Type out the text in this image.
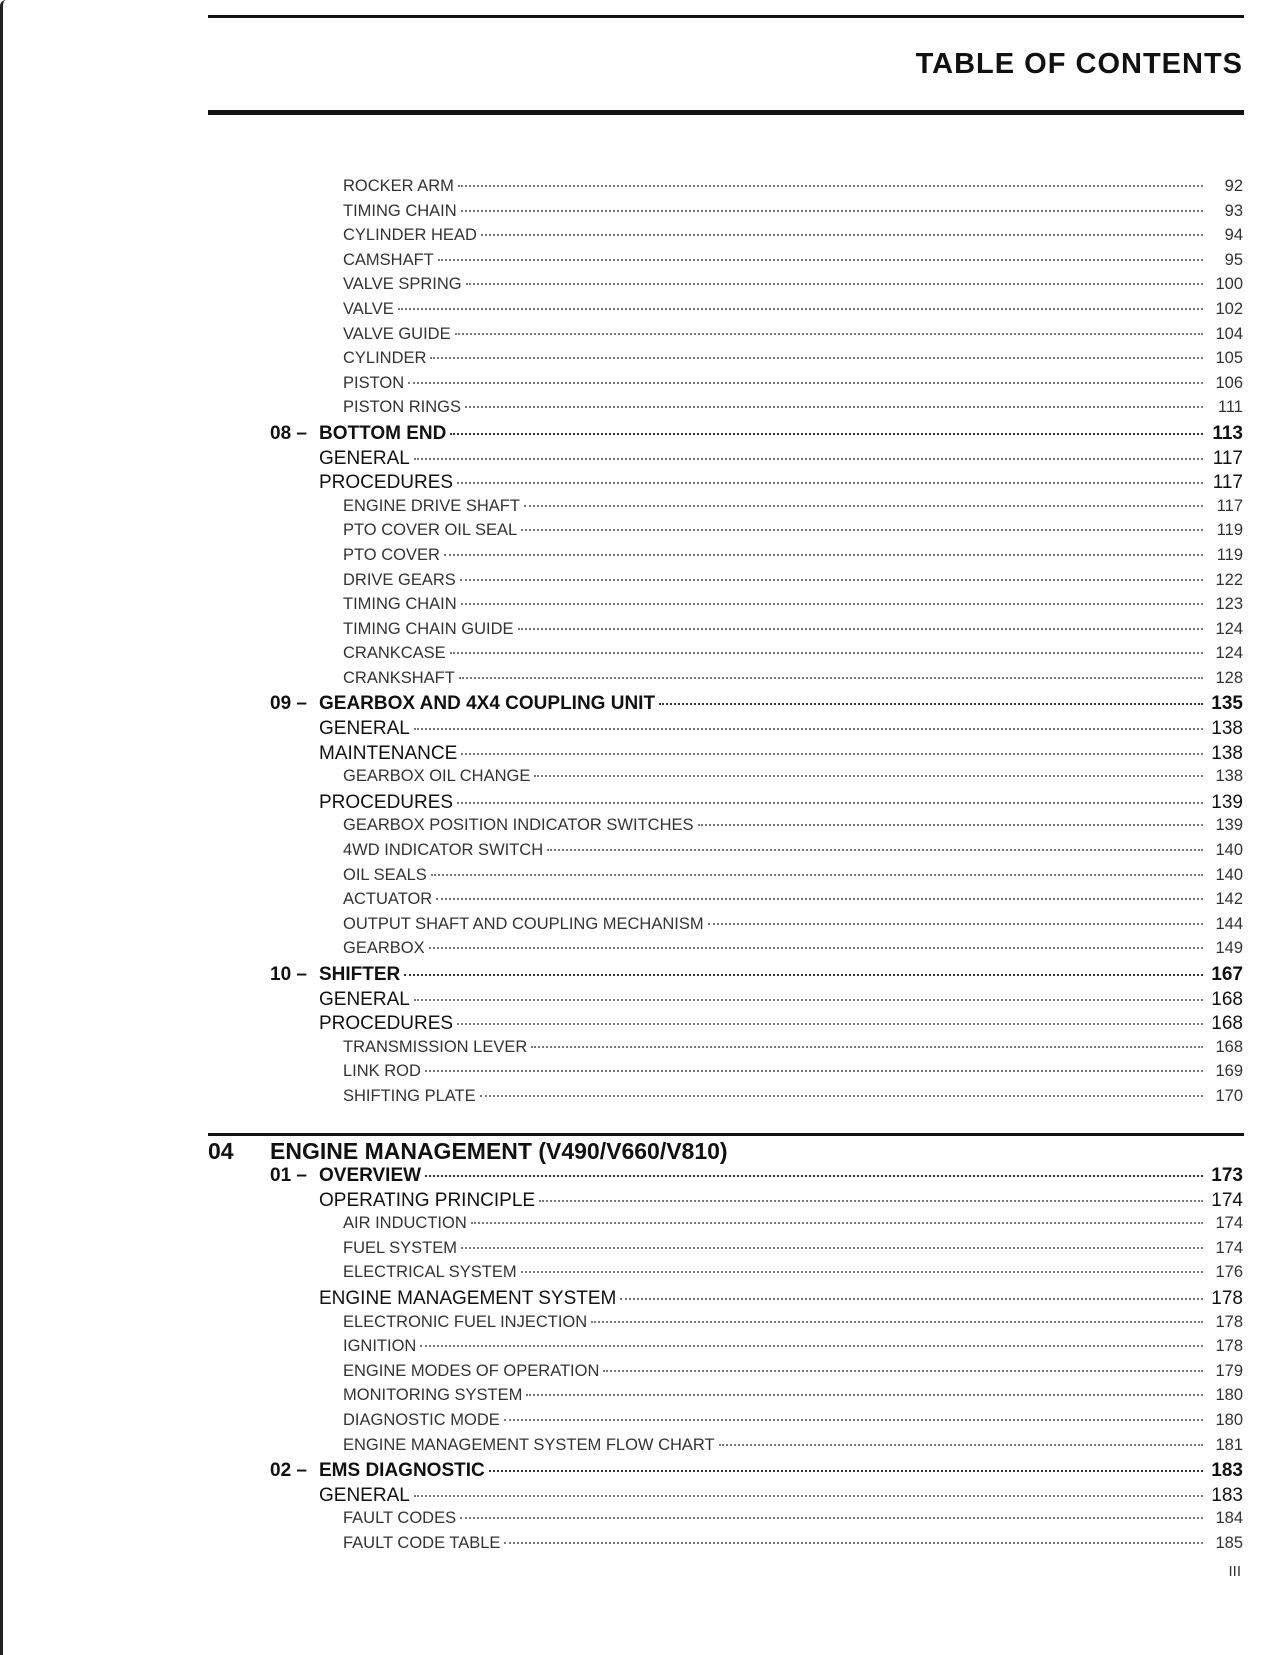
TABLE OF CONTENTS
ROCKER ARM	92
TIMING CHAIN	93
CYLINDER HEAD	94
CAMSHAFT	95
VALVE SPRING	100
VALVE	102
VALVE GUIDE	104
CYLINDER	105
PISTON	106
PISTON RINGS	111
08 – BOTTOM END	113
GENERAL	117
PROCEDURES	117
ENGINE DRIVE SHAFT	117
PTO COVER OIL SEAL	119
PTO COVER	119
DRIVE GEARS	122
TIMING CHAIN	123
TIMING CHAIN GUIDE	124
CRANKCASE	124
CRANKSHAFT	128
09 – GEARBOX AND 4X4 COUPLING UNIT	135
GENERAL	138
MAINTENANCE	138
GEARBOX OIL CHANGE	138
PROCEDURES	139
GEARBOX POSITION INDICATOR SWITCHES	139
4WD INDICATOR SWITCH	140
OIL SEALS	140
ACTUATOR	142
OUTPUT SHAFT AND COUPLING MECHANISM	144
GEARBOX	149
10 – SHIFTER	167
GENERAL	168
PROCEDURES	168
TRANSMISSION LEVER	168
LINK ROD	169
SHIFTING PLATE	170
04 ENGINE MANAGEMENT (V490/V660/V810)
01 – OVERVIEW	173
OPERATING PRINCIPLE	174
AIR INDUCTION	174
FUEL SYSTEM	174
ELECTRICAL SYSTEM	176
ENGINE MANAGEMENT SYSTEM	178
ELECTRONIC FUEL INJECTION	178
IGNITION	178
ENGINE MODES OF OPERATION	179
MONITORING SYSTEM	180
DIAGNOSTIC MODE	180
ENGINE MANAGEMENT SYSTEM FLOW CHART	181
02 – EMS DIAGNOSTIC	183
GENERAL	183
FAULT CODES	184
FAULT CODE TABLE	185
III
